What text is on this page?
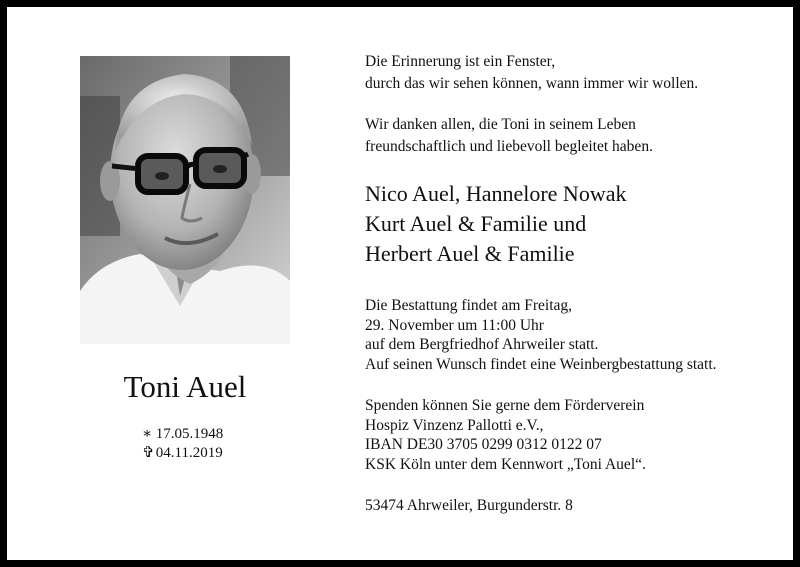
Toni Auel
∗ 17.05.1948
✞ 04.11.2019
Die Erinnerung ist ein Fenster,
durch das wir sehen können, wann immer wir wollen.
Wir danken allen, die Toni in seinem Leben
freundschaftlich und liebevoll begleitet haben.
Nico Auel, Hannelore Nowak
Kurt Auel & Familie und
Herbert Auel & Familie
Die Bestattung findet am Freitag,
29. November um 11:00 Uhr
auf dem Bergfriedhof Ahrweiler statt.
Auf seinen Wunsch findet eine Weinbergbestattung statt.
Spenden können Sie gerne dem Förderverein
Hospiz Vinzenz Pallotti e.V.,
IBAN DE30 3705 0299 0312 0122 07
KSK Köln unter dem Kennwort „Toni Auel“.
53474 Ahrweiler, Burgunderstr. 8
